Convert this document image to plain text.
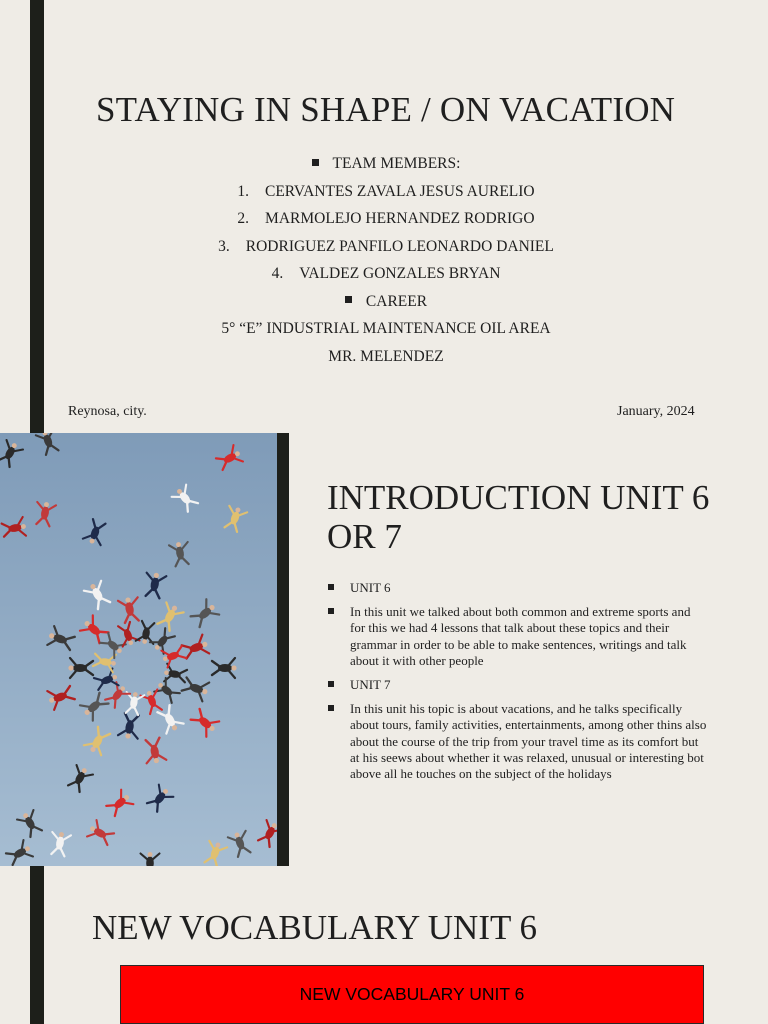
STAYING IN SHAPE / ON VACATION
TEAM MEMBERS:
1. CERVANTES ZAVALA JESUS AURELIO
2. MARMOLEJO HERNANDEZ RODRIGO
3. RODRIGUEZ PANFILO LEONARDO DANIEL
4. VALDEZ GONZALES BRYAN
CAREER
5° “E” INDUSTRIAL MAINTENANCE OIL AREA
MR. MELENDEZ
Reynosa, city.	January, 2024
INTRODUCTION UNIT 6 OR 7
UNIT 6
In this unit we talked about both common and extreme sports and for this we had 4 lessons that talk about these topics and their grammar in order to be able to make sentences, writings and talk about it with other people
UNIT 7
In this unit his topic is about vacations, and he talks specifically about tours, family activities, entertainments, among other thins also about the course of the trip from your travel time as its comfort but at his seews about whether it was relaxed, unusual or interesting bot above all he touches on the subject of the holidays
NEW VOCABULARY UNIT 6
NEW VOCABULARY UNIT 6
